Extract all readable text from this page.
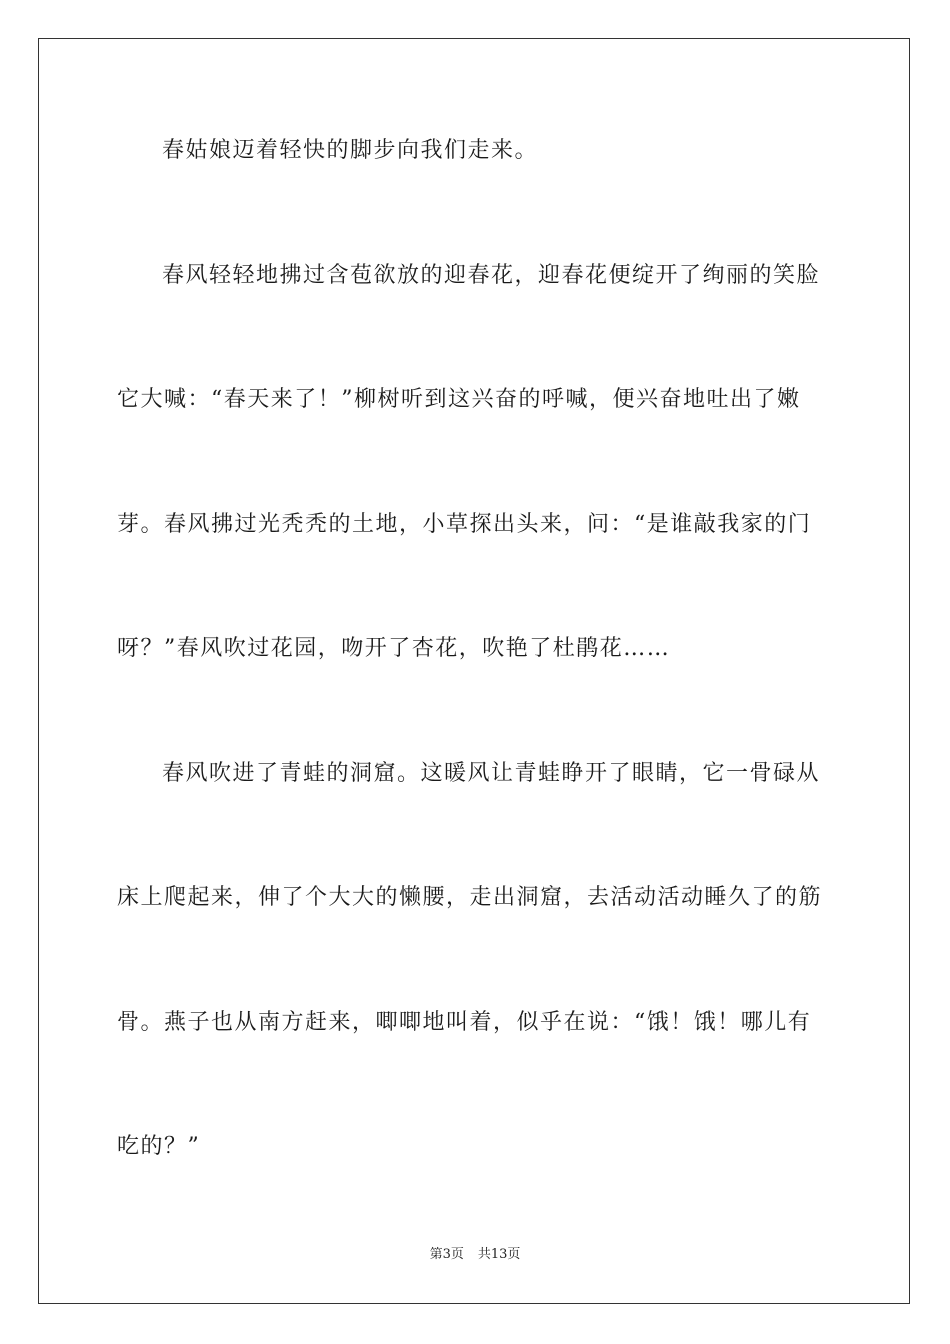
春姑娘迈着轻快的脚步向我们走来。
春风轻轻地拂过含苞欲放的迎春花，迎春花便绽开了绚丽的笑脸
它大喊：“春天来了！”柳树听到这兴奋的呼喊，便兴奋地吐出了嫩
芽。春风拂过光秃秃的土地，小草探出头来，问：“是谁敲我家的门
呀？”春风吹过花园，吻开了杏花，吹艳了杜鹃花……
春风吹进了青蛙的洞窟。这暖风让青蛙睁开了眼睛，它一骨碌从
床上爬起来，伸了个大大的懒腰，走出洞窟，去活动活动睡久了的筋
骨。燕子也从南方赶来，唧唧地叫着，似乎在说：“饿！饿！哪儿有
吃的？”
第3页 共13页
